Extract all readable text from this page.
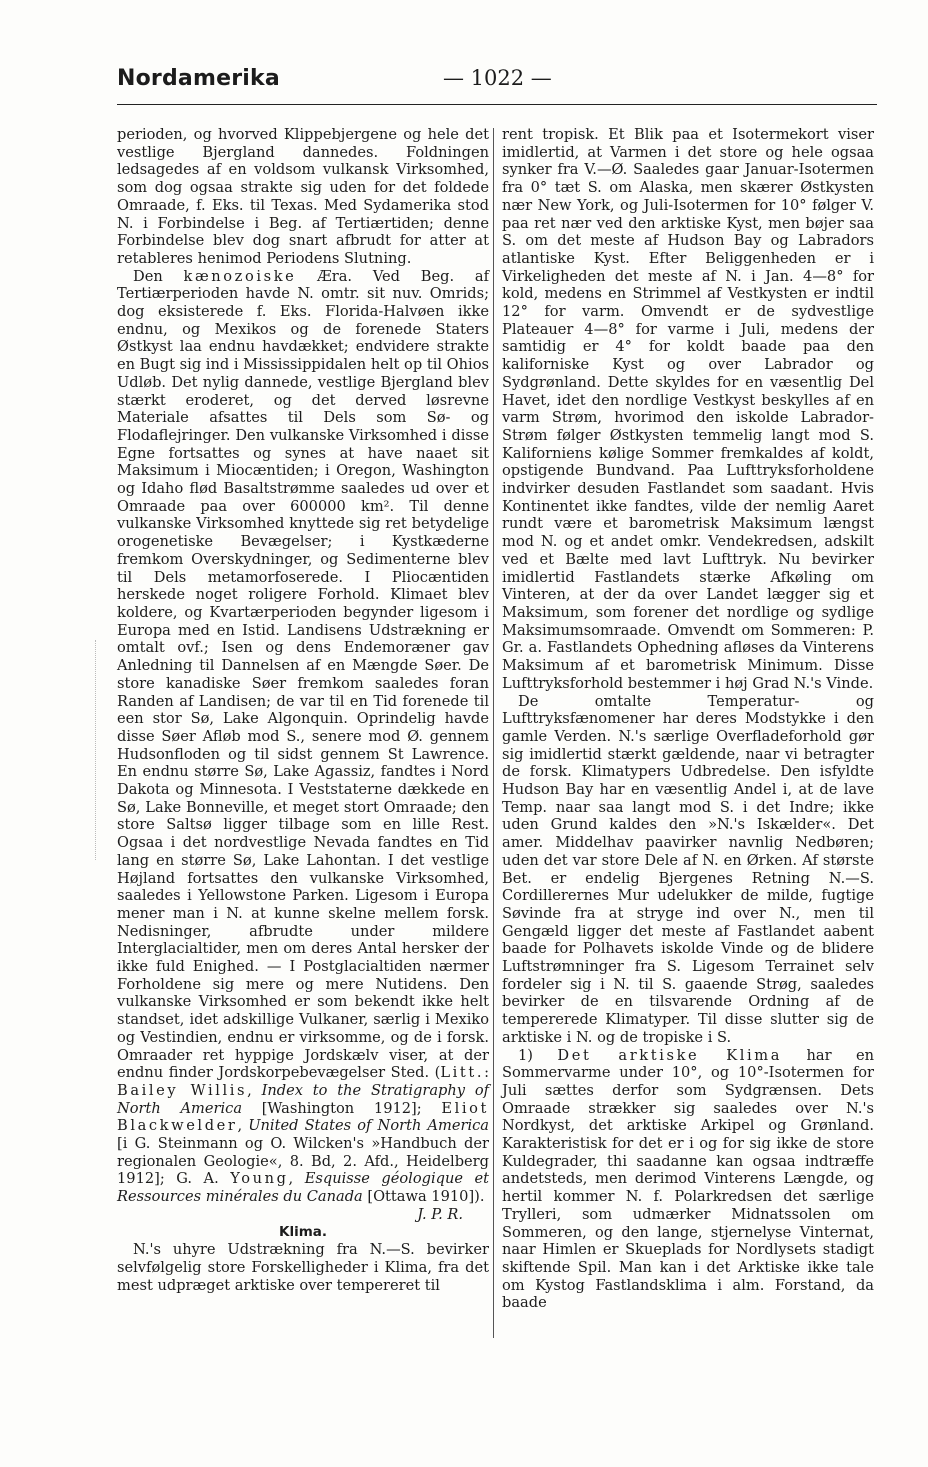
Nordamerika	— 1022 —

perioden, og hvorved Klippebjergene og hele det vestlige Bjergland dannedes. Foldningen ledsagedes af en voldsom vulkansk Virksomhed, som dog ogsaa strakte sig uden for det foldede Omraade, f. Eks. til Texas. Med Sydamerika stod N. i Forbindelse i Beg. af Tertiærtiden; denne Forbindelse blev dog snart afbrudt for atter at retableres henimod Periodens Slutning.

Den kænozoiske Æra. Ved Beg. af Tertiærperioden havde N. omtr. sit nuv. Omrids; dog eksisterede f. Eks. Florida-Halvøen ikke endnu, og Mexikos og de forenede Staters Østkyst laa endnu havdækket; endvidere strakte en Bugt sig ind i Mississippidalen helt op til Ohios Udløb. Det nylig dannede, vestlige Bjergland blev stærkt eroderet, og det derved løsrevne Materiale afsattes til Dels som Sø- og Flodaflejringer. Den vulkanske Virksomhed i disse Egne fortsattes og synes at have naaet sit Maksimum i Miocæntiden; i Oregon, Washington og Idaho flød Basaltstrømme saaledes ud over et Omraade paa over 600000 km². Til denne vulkanske Virksomhed knyttede sig ret betydelige orogenetiske Bevægelser; i Kystkæderne fremkom Overskydninger, og Sedimenterne blev til Dels metamorfoserede. I Pliocæntiden herskede noget roligere Forhold. Klimaet blev koldere, og Kvartærperioden begynder ligesom i Europa med en Istid. Landisens Udstrækning er omtalt ovf.; Isen og dens Endemoræner gav Anledning til Dannelsen af en Mængde Søer. De store kanadiske Søer fremkom saaledes foran Randen af Landisen; de var til en Tid forenede til een stor Sø, Lake Algonquin. Oprindelig havde disse Søer Afløb mod S., senere mod Ø. gennem Hudsonfloden og til sidst gennem St Lawrence. En endnu større Sø, Lake Agassiz, fandtes i Nord Dakota og Minnesota. I Veststaterne dækkede en Sø, Lake Bonneville, et meget stort Omraade; den store Saltsø ligger tilbage som en lille Rest. Ogsaa i det nordvestlige Nevada fandtes en Tid lang en større Sø, Lake Lahontan. I det vestlige Højland fortsattes den vulkanske Virksomhed, saaledes i Yellowstone Parken. Ligesom i Europa mener man i N. at kunne skelne mellem forsk. Nedisninger, afbrudte under mildere Interglacialtider, men om deres Antal hersker der ikke fuld Enighed. — I Postglacialtiden nærmer Forholdene sig mere og mere Nutidens. Den vulkanske Virksomhed er som bekendt ikke helt standset, idet adskillige Vulkaner, særlig i Mexiko og Vestindien, endnu er virksomme, og de i forsk. Omraader ret hyppige Jordskælv viser, at der endnu finder Jordskorpebevægelser Sted. (Litt.: Bailey Willis, Index to the Stratigraphy of North America [Washington 1912]; Eliot Blackwelder, United States of North America [i G. Steinmann og O. Wilcken's »Handbuch der regionalen Geologie«, 8. Bd, 2. Afd., Heidelberg 1912]; G. A. Young, Esquisse géologique et Ressources minérales du Canada [Ottawa 1910]).

J. P. R.

Klima.

N.'s uhyre Udstrækning fra N.—S. bevirker selvfølgelig store Forskelligheder i Klima, fra det mest udpræget arktiske over tempereret til

rent tropisk. Et Blik paa et Isotermekort viser imidlertid, at Varmen i det store og hele ogsaa synker fra V.—Ø. Saaledes gaar Januar-Isotermen fra 0° tæt S. om Alaska, men skærer Østkysten nær New York, og Juli-Isotermen for 10° følger V. paa ret nær ved den arktiske Kyst, men bøjer saa S. om det meste af Hudson Bay og Labradors atlantiske Kyst. Efter Beliggenheden er i Virkeligheden det meste af N. i Jan. 4—8° for kold, medens en Strimmel af Vestkysten er indtil 12° for varm. Omvendt er de sydvestlige Plateauer 4—8° for varme i Juli, medens der samtidig er 4° for koldt baade paa den kaliforniske Kyst og over Labrador og Sydgrønland. Dette skyldes for en væsentlig Del Havet, idet den nordlige Vestkyst beskylles af en varm Strøm, hvorimod den iskolde Labrador-Strøm følger Østkysten temmelig langt mod S. Kaliforniens kølige Sommer fremkaldes af koldt, opstigende Bundvand. Paa Lufttryksforholdene indvirker desuden Fastlandet som saadant. Hvis Kontinentet ikke fandtes, vilde der nemlig Aaret rundt være et barometrisk Maksimum længst mod N. og et andet omkr. Vendekredsen, adskilt ved et Bælte med lavt Lufttryk. Nu bevirker imidlertid Fastlandets stærke Afkøling om Vinteren, at der da over Landet lægger sig et Maksimum, som forener det nordlige og sydlige Maksimumsomraade. Omvendt om Sommeren: P. Gr. a. Fastlandets Ophedning afløses da Vinterens Maksimum af et barometrisk Minimum. Disse Lufttryksforhold bestemmer i høj Grad N.'s Vinde.

De omtalte Temperatur- og Lufttryksfænomener har deres Modstykke i den gamle Verden. N.'s særlige Overfladeforhold gør sig imidlertid stærkt gældende, naar vi betragter de forsk. Klimatypers Udbredelse. Den isfyldte Hudson Bay har en væsentlig Andel i, at de lave Temp. naar saa langt mod S. i det Indre; ikke uden Grund kaldes den »N.'s Iskælder«. Det amer. Middelhav paavirker navnlig Nedbøren; uden det var store Dele af N. en Ørken. Af største Bet. er endelig Bjergenes Retning N.—S. Cordillerernes Mur udelukker de milde, fugtige Søvinde fra at stryge ind over N., men til Gengæld ligger det meste af Fastlandet aabent baade for Polhavets iskolde Vinde og de blidere Luftstrømninger fra S. Ligesom Terrainet selv fordeler sig i N. til S. gaaende Strøg, saaledes bevirker de en tilsvarende Ordning af de tempererede Klimatyper. Til disse slutter sig de arktiske i N. og de tropiske i S.

1) Det arktiske Klima har en Sommervarme under 10°, og 10°-Isotermen for Juli sættes derfor som Sydgrænsen. Dets Omraade strækker sig saaledes over N.'s Nordkyst, det arktiske Arkipel og Grønland. Karakteristisk for det er i og for sig ikke de store Kuldegrader, thi saadanne kan ogsaa indtræffe andetsteds, men derimod Vinterens Længde, og hertil kommer N. f. Polarkredsen det særlige Trylleri, som udmærker Midnatssolen om Sommeren, og den lange, stjernelyse Vinternat, naar Himlen er Skueplads for Nordlysets stadigt skiftende Spil. Man kan i det Arktiske ikke tale om Kystog Fastlandsklima i alm. Forstand, da baade
